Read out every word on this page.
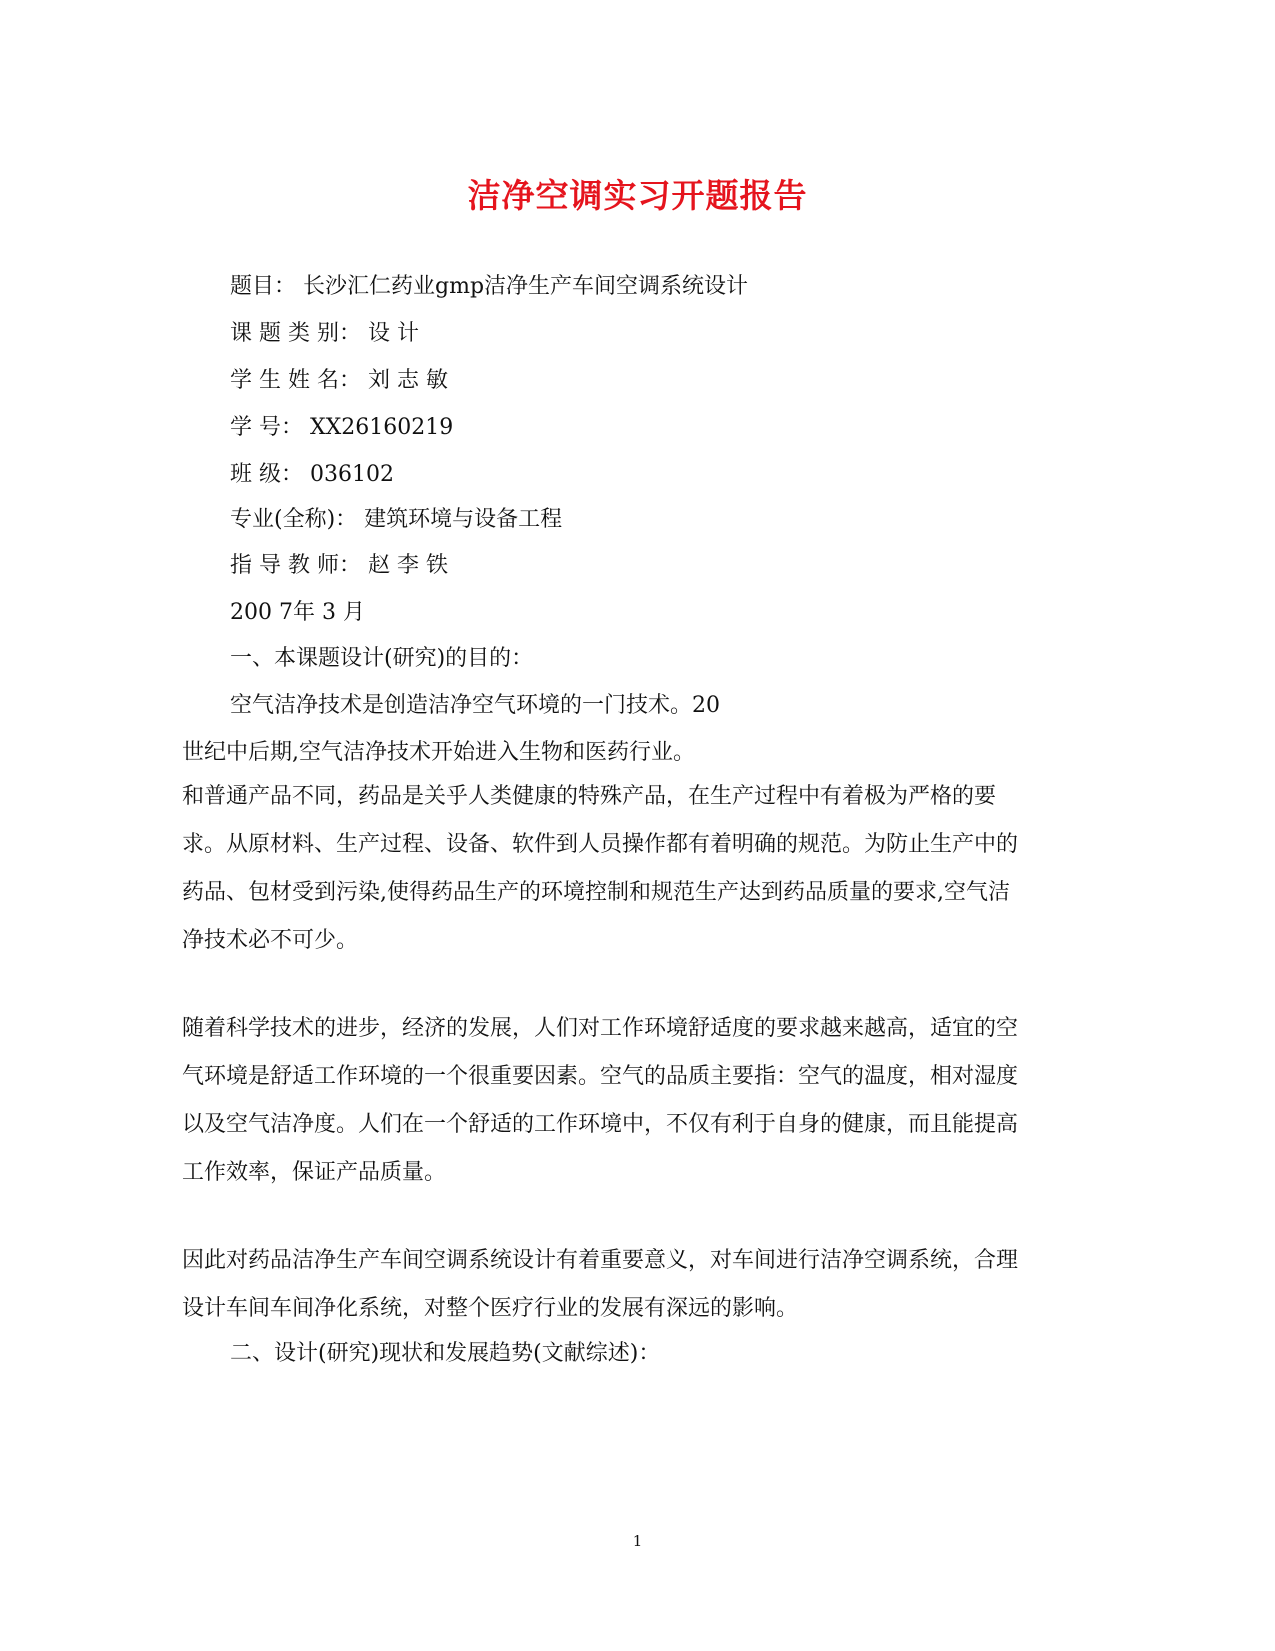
洁净空调实习开题报告
题目： 长沙汇仁药业gmp洁净生产车间空调系统设计
课 题 类 别： 设 计
学 生 姓 名： 刘 志 敏
学 号： XX26160219
班 级： 036102
专业(全称)： 建筑环境与设备工程
指 导 教 师： 赵 李 铁
200 7年 3 月
一、本课题设计(研究)的目的：
空气洁净技术是创造洁净空气环境的一门技术。20
世纪中后期,空气洁净技术开始进入生物和医药行业。

和普通产品不同，药品是关乎人类健康的特殊产品，在生产过程中有着极为严格的要求。从原材料、生产过程、设备、软件到人员操作都有着明确的规范。为防止生产中的药品、包材受到污染,使得药品生产的环境控制和规范生产达到药品质量的要求,空气洁净技术必不可少。

随着科学技术的进步，经济的发展，人们对工作环境舒适度的要求越来越高，适宜的空气环境是舒适工作环境的一个很重要因素。空气的品质主要指：空气的温度，相对湿度以及空气洁净度。人们在一个舒适的工作环境中，不仅有利于自身的健康，而且能提高工作效率，保证产品质量。

因此对药品洁净生产车间空调系统设计有着重要意义，对车间进行洁净空调系统，合理设计车间车间净化系统，对整个医疗行业的发展有深远的影响。

二、设计(研究)现状和发展趋势(文献综述)：
1
